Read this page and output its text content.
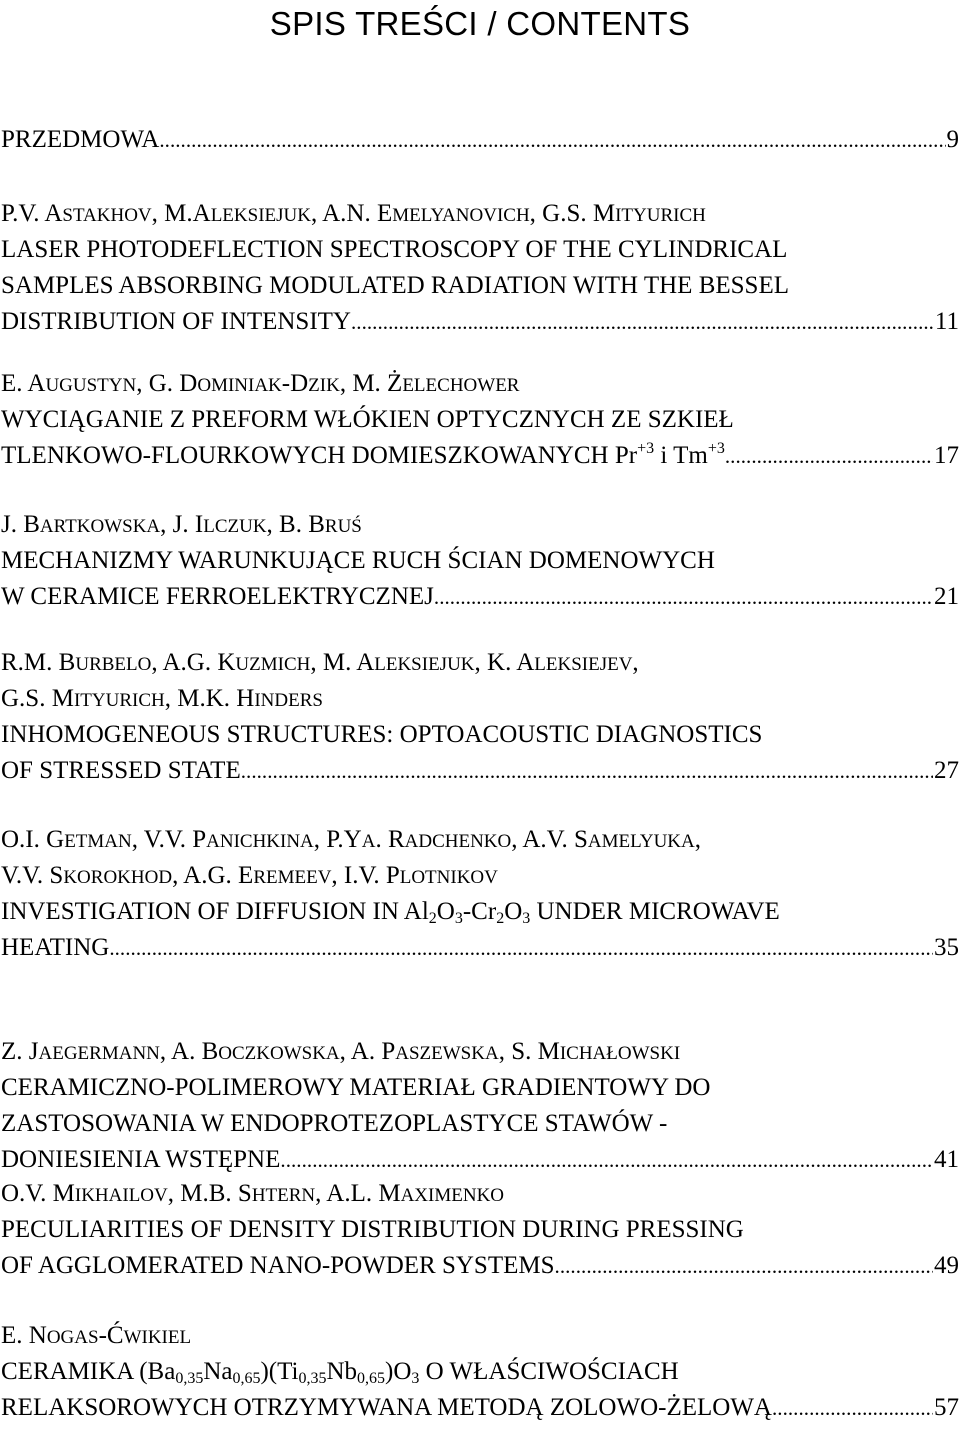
SPIS TREŚCI / CONTENTS
PRZEDMOWA . . .	9
P.V. ASTAKHOV, M.ALEKSIEJUK, A.N. EMELYANOVICH, G.S. MITYURICH
LASER PHOTODEFLECTION SPECTROSCOPY OF THE CYLINDRICAL
SAMPLES ABSORBING MODULATED RADIATION WITH THE BESSEL
DISTRIBUTION OF INTENSITY . . .	11
E. AUGUSTYN, G. DOMINIAK-DZIK, M. ŻELECHOWER
WYCIĄGANIE Z PREFORM WŁÓKIEN OPTYCZNYCH ZE SZKIEŁ
TLENKOWO-FLOURKOWYCH DOMIESZKOWANYCH $Pr^{+3}$ i $Tm^{+3}$ . . .	17
J. BARTKOWSKA, J. ILCZUK, B. BRUŚ
MECHANIZMY WARUNKUJĄCE RUCH ŚCIAN DOMENOWYCH
W CERAMICE FERROELEKTRYCZNEJ . . .	21
R.M. BURBELO, A.G. KUZMICH, M. ALEKSIEJUK, K. ALEKSIEJEV,
G.S. MITYURICH, M.K. HINDERS
INHOMOGENEOUS STRUCTURES: OPTOACOUSTIC DIAGNOSTICS
OF STRESSED STATE . . .	27
O.I. GETMAN, V.V. PANICHKINA, P.YA. RADCHENKO, A.V. SAMELYUKA,
V.V. SKOROKHOD, A.G. EREMEEV, I.V. PLOTNIKOV
INVESTIGATION OF DIFFUSION IN $Al_2O_3-Cr_2O_3$ UNDER MICROWAVE
HEATING . . .	35
Z. JAEGERMANN, A. BOCZKOWSKA, A. PASZEWSKA, S. MICHAŁOWSKI
CERAMICZNO-POLIMEROWY MATERIAŁ GRADIENTOWY DO
ZASTOSOWANIA W ENDOPROTEZOPLASTYCE STAWÓW -
DONIESIENIA WSTĘPNE . . .	41
O.V. MIKHAILOV, M.B. SHTERN, A.L. MAXIMENKO
PECULIARITIES OF DENSITY DISTRIBUTION DURING PRESSING
OF AGGLOMERATED NANO-POWDER SYSTEMS . . .	49
E. NOGAS-ĆWIKIEL
CERAMIKA $(Ba_{0,35}Na_{0,65})(Ti_{0,35}Nb_{0,65})O_3$ O WŁAŚCIWOŚCIACH
RELAKSOROWYCH OTRZYMYWANA METODĄ ZOLOWO-ŻELOWĄ . . .	57
